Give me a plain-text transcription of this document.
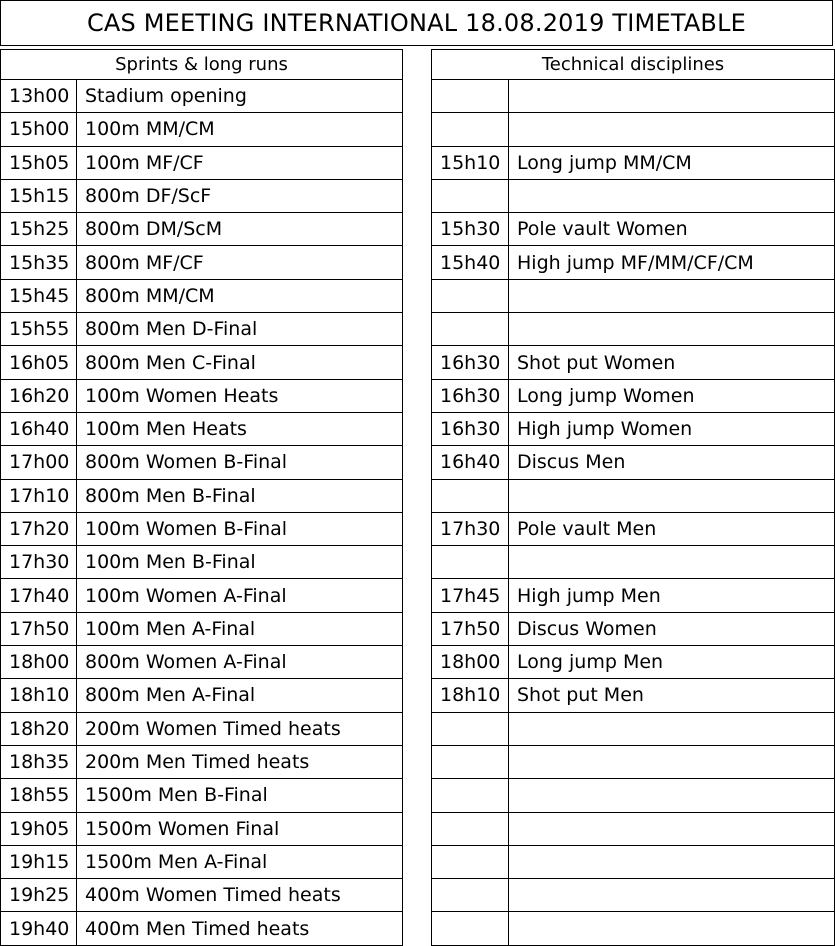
CAS MEETING INTERNATIONAL 18.08.2019 TIMETABLE
Sprints & long runs	
13h00	Stadium opening
15h00	100m MM/CM
15h05	100m MF/CF
15h15	800m DF/ScF
15h25	800m DM/ScM
15h35	800m MF/CF
15h45	800m MM/CM
15h55	800m Men D-Final
16h05	800m Men C-Final
16h20	100m Women Heats
16h40	100m Men Heats
17h00	800m Women B-Final
17h10	800m Men B-Final
17h20	100m Women B-Final
17h30	100m Men B-Final
17h40	100m Women A-Final
17h50	100m Men A-Final
18h00	800m Women A-Final
18h10	800m Men A-Final
18h20	200m Women Timed heats
18h35	200m Men Timed heats
18h55	1500m Men B-Final
19h05	1500m Women Final
19h15	1500m Men A-Final
19h25	400m Women Timed heats
19h40	400m Men Timed heats
Technical disciplines	

15h10	Long jump MM/CM

15h30	Pole vault Women
15h40	High jump MF/MM/CF/CM

16h30	Shot put Women
16h30	Long jump Women
16h30	High jump Women
16h40	Discus Men

17h30	Pole vault Men

17h45	High jump Men
17h50	Discus Women
18h00	Long jump Men
18h10	Shot put Men
